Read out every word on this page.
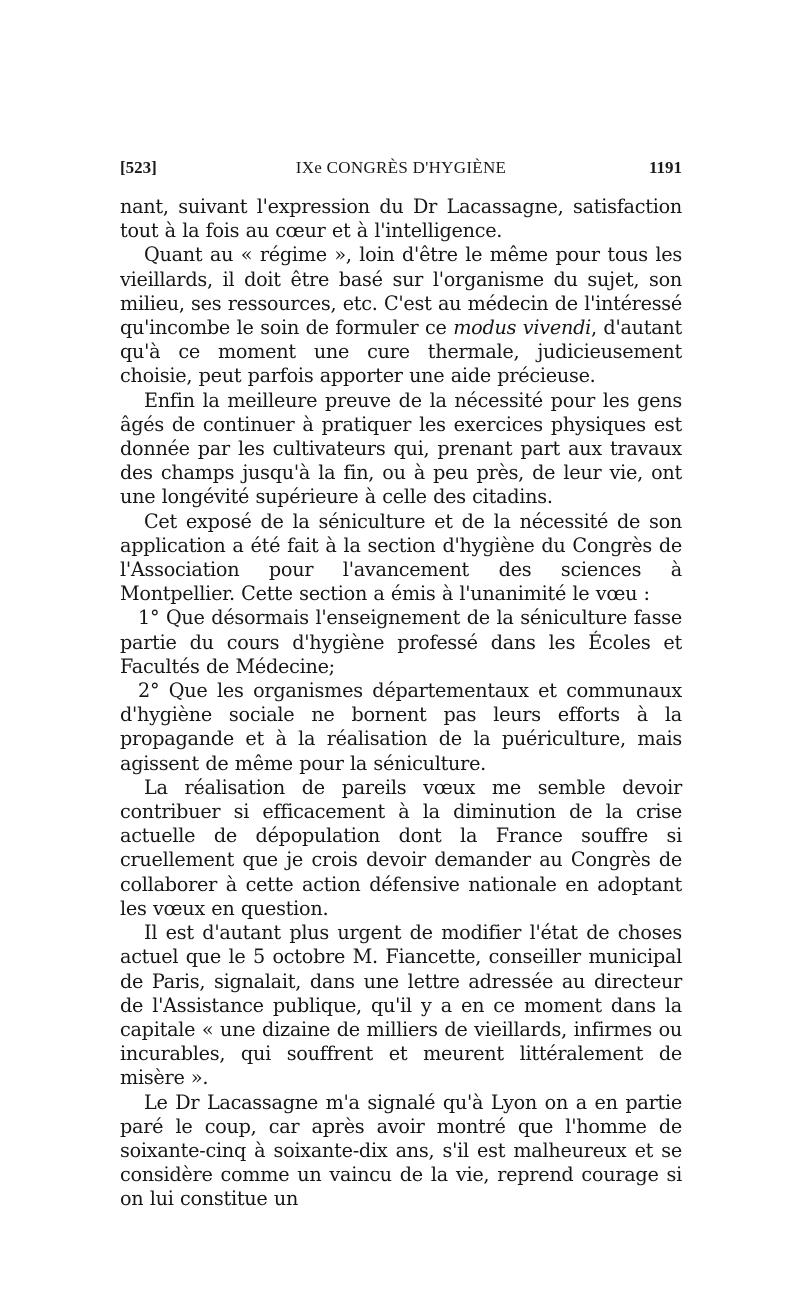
[523]	IXe CONGRÈS D'HYGIÈNE	1191

nant, suivant l'expression du Dr Lacassagne, satisfaction tout à la fois au cœur et à l'intelligence.

Quant au « régime », loin d'être le même pour tous les vieillards, il doit être basé sur l'organisme du sujet, son milieu, ses ressources, etc. C'est au médecin de l'intéressé qu'incombe le soin de formuler ce modus vivendi, d'autant qu'à ce moment une cure thermale, judicieusement choisie, peut parfois apporter une aide précieuse.

Enfin la meilleure preuve de la nécessité pour les gens âgés de continuer à pratiquer les exercices physiques est donnée par les cultivateurs qui, prenant part aux travaux des champs jusqu'à la fin, ou à peu près, de leur vie, ont une longévité supérieure à celle des citadins.

Cet exposé de la séniculture et de la nécessité de son application a été fait à la section d'hygiène du Congrès de l'Association pour l'avancement des sciences à Montpellier. Cette section a émis à l'unanimité le vœu :

1° Que désormais l'enseignement de la séniculture fasse partie du cours d'hygiène professé dans les Écoles et Facultés de Médecine;

2° Que les organismes départementaux et communaux d'hygiène sociale ne bornent pas leurs efforts à la propagande et à la réalisation de la puériculture, mais agissent de même pour la séniculture.

La réalisation de pareils vœux me semble devoir contribuer si efficacement à la diminution de la crise actuelle de dépopulation dont la France souffre si cruellement que je crois devoir demander au Congrès de collaborer à cette action défensive nationale en adoptant les vœux en question.

Il est d'autant plus urgent de modifier l'état de choses actuel que le 5 octobre M. Fiancette, conseiller municipal de Paris, signalait, dans une lettre adressée au directeur de l'Assistance publique, qu'il y a en ce moment dans la capitale « une dizaine de milliers de vieillards, infirmes ou incurables, qui souffrent et meurent littéralement de misère ».

Le Dr Lacassagne m'a signalé qu'à Lyon on a en partie paré le coup, car après avoir montré que l'homme de soixante-cinq à soixante-dix ans, s'il est malheureux et se considère comme un vaincu de la vie, reprend courage si on lui constitue un
